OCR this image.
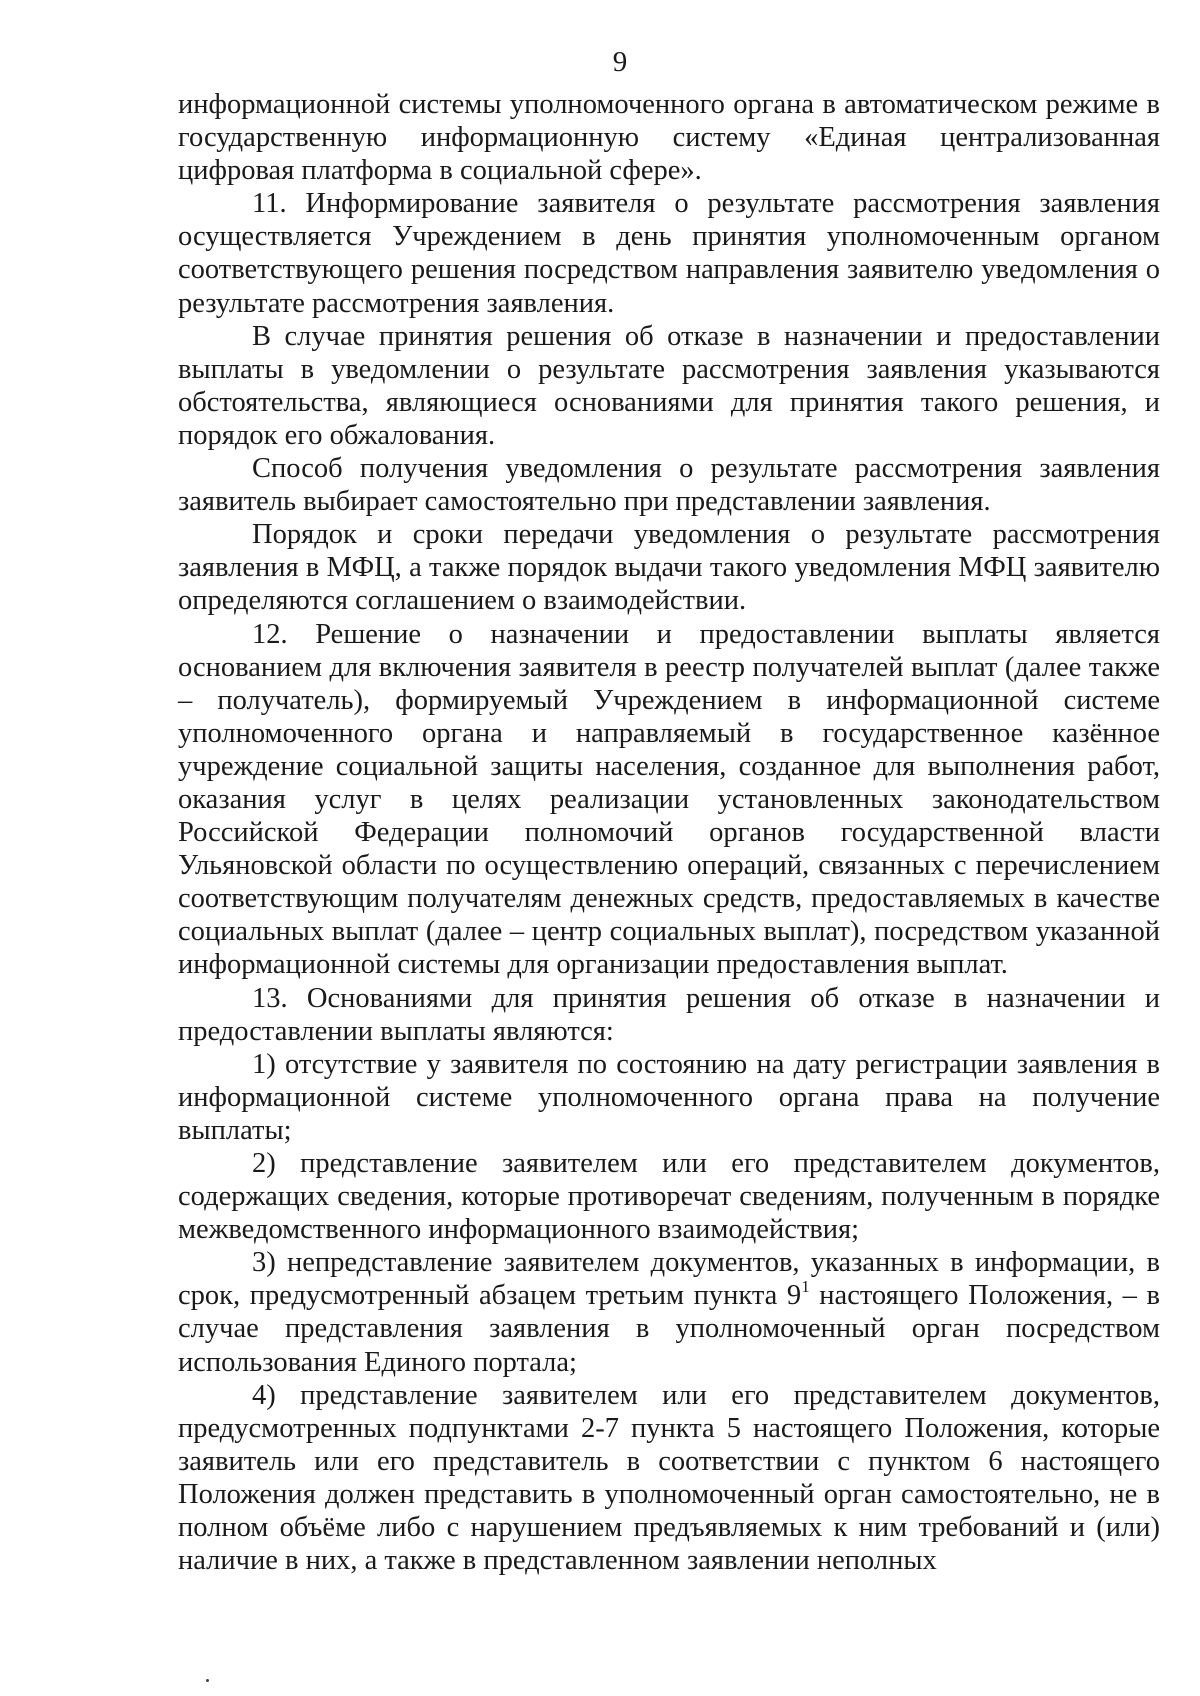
9

информационной системы уполномоченного органа в автоматическом режиме в государственную информационную систему «Единая централизованная цифровая платформа в социальной сфере».

11. Информирование заявителя о результате рассмотрения заявления осуществляется Учреждением в день принятия уполномоченным органом соответствующего решения посредством направления заявителю уведомления о результате рассмотрения заявления.

В случае принятия решения об отказе в назначении и предоставлении выплаты в уведомлении о результате рассмотрения заявления указываются обстоятельства, являющиеся основаниями для принятия такого решения, и порядок его обжалования.

Способ получения уведомления о результате рассмотрения заявления заявитель выбирает самостоятельно при представлении заявления.

Порядок и сроки передачи уведомления о результате рассмотрения заявления в МФЦ, а также порядок выдачи такого уведомления МФЦ заявителю определяются соглашением о взаимодействии.

12. Решение о назначении и предоставлении выплаты является основанием для включения заявителя в реестр получателей выплат (далее также – получатель), формируемый Учреждением в информационной системе уполномоченного органа и направляемый в государственное казённое учреждение социальной защиты населения, созданное для выполнения работ, оказания услуг в целях реализации установленных законодательством Российской Федерации полномочий органов государственной власти Ульяновской области по осуществлению операций, связанных с перечислением соответствующим получателям денежных средств, предоставляемых в качестве социальных выплат (далее – центр социальных выплат), посредством указанной информационной системы для организации предоставления выплат.

13. Основаниями для принятия решения об отказе в назначении и предоставлении выплаты являются:

1) отсутствие у заявителя по состоянию на дату регистрации заявления в информационной системе уполномоченного органа права на получение выплаты;

2) представление заявителем или его представителем документов, содержащих сведения, которые противоречат сведениям, полученным в порядке межведомственного информационного взаимодействия;

3) непредставление заявителем документов, указанных в информации, в срок, предусмотренный абзацем третьим пункта $9^1$ настоящего Положения, – в случае представления заявления в уполномоченный орган посредством использования Единого портала;

4) представление заявителем или его представителем документов, предусмотренных подпунктами 2-7 пункта 5 настоящего Положения, которые заявитель или его представитель в соответствии с пунктом 6 настоящего Положения должен представить в уполномоченный орган самостоятельно, не в полном объёме либо с нарушением предъявляемых к ним требований и (или) наличие в них, а также в представленном заявлении неполных
